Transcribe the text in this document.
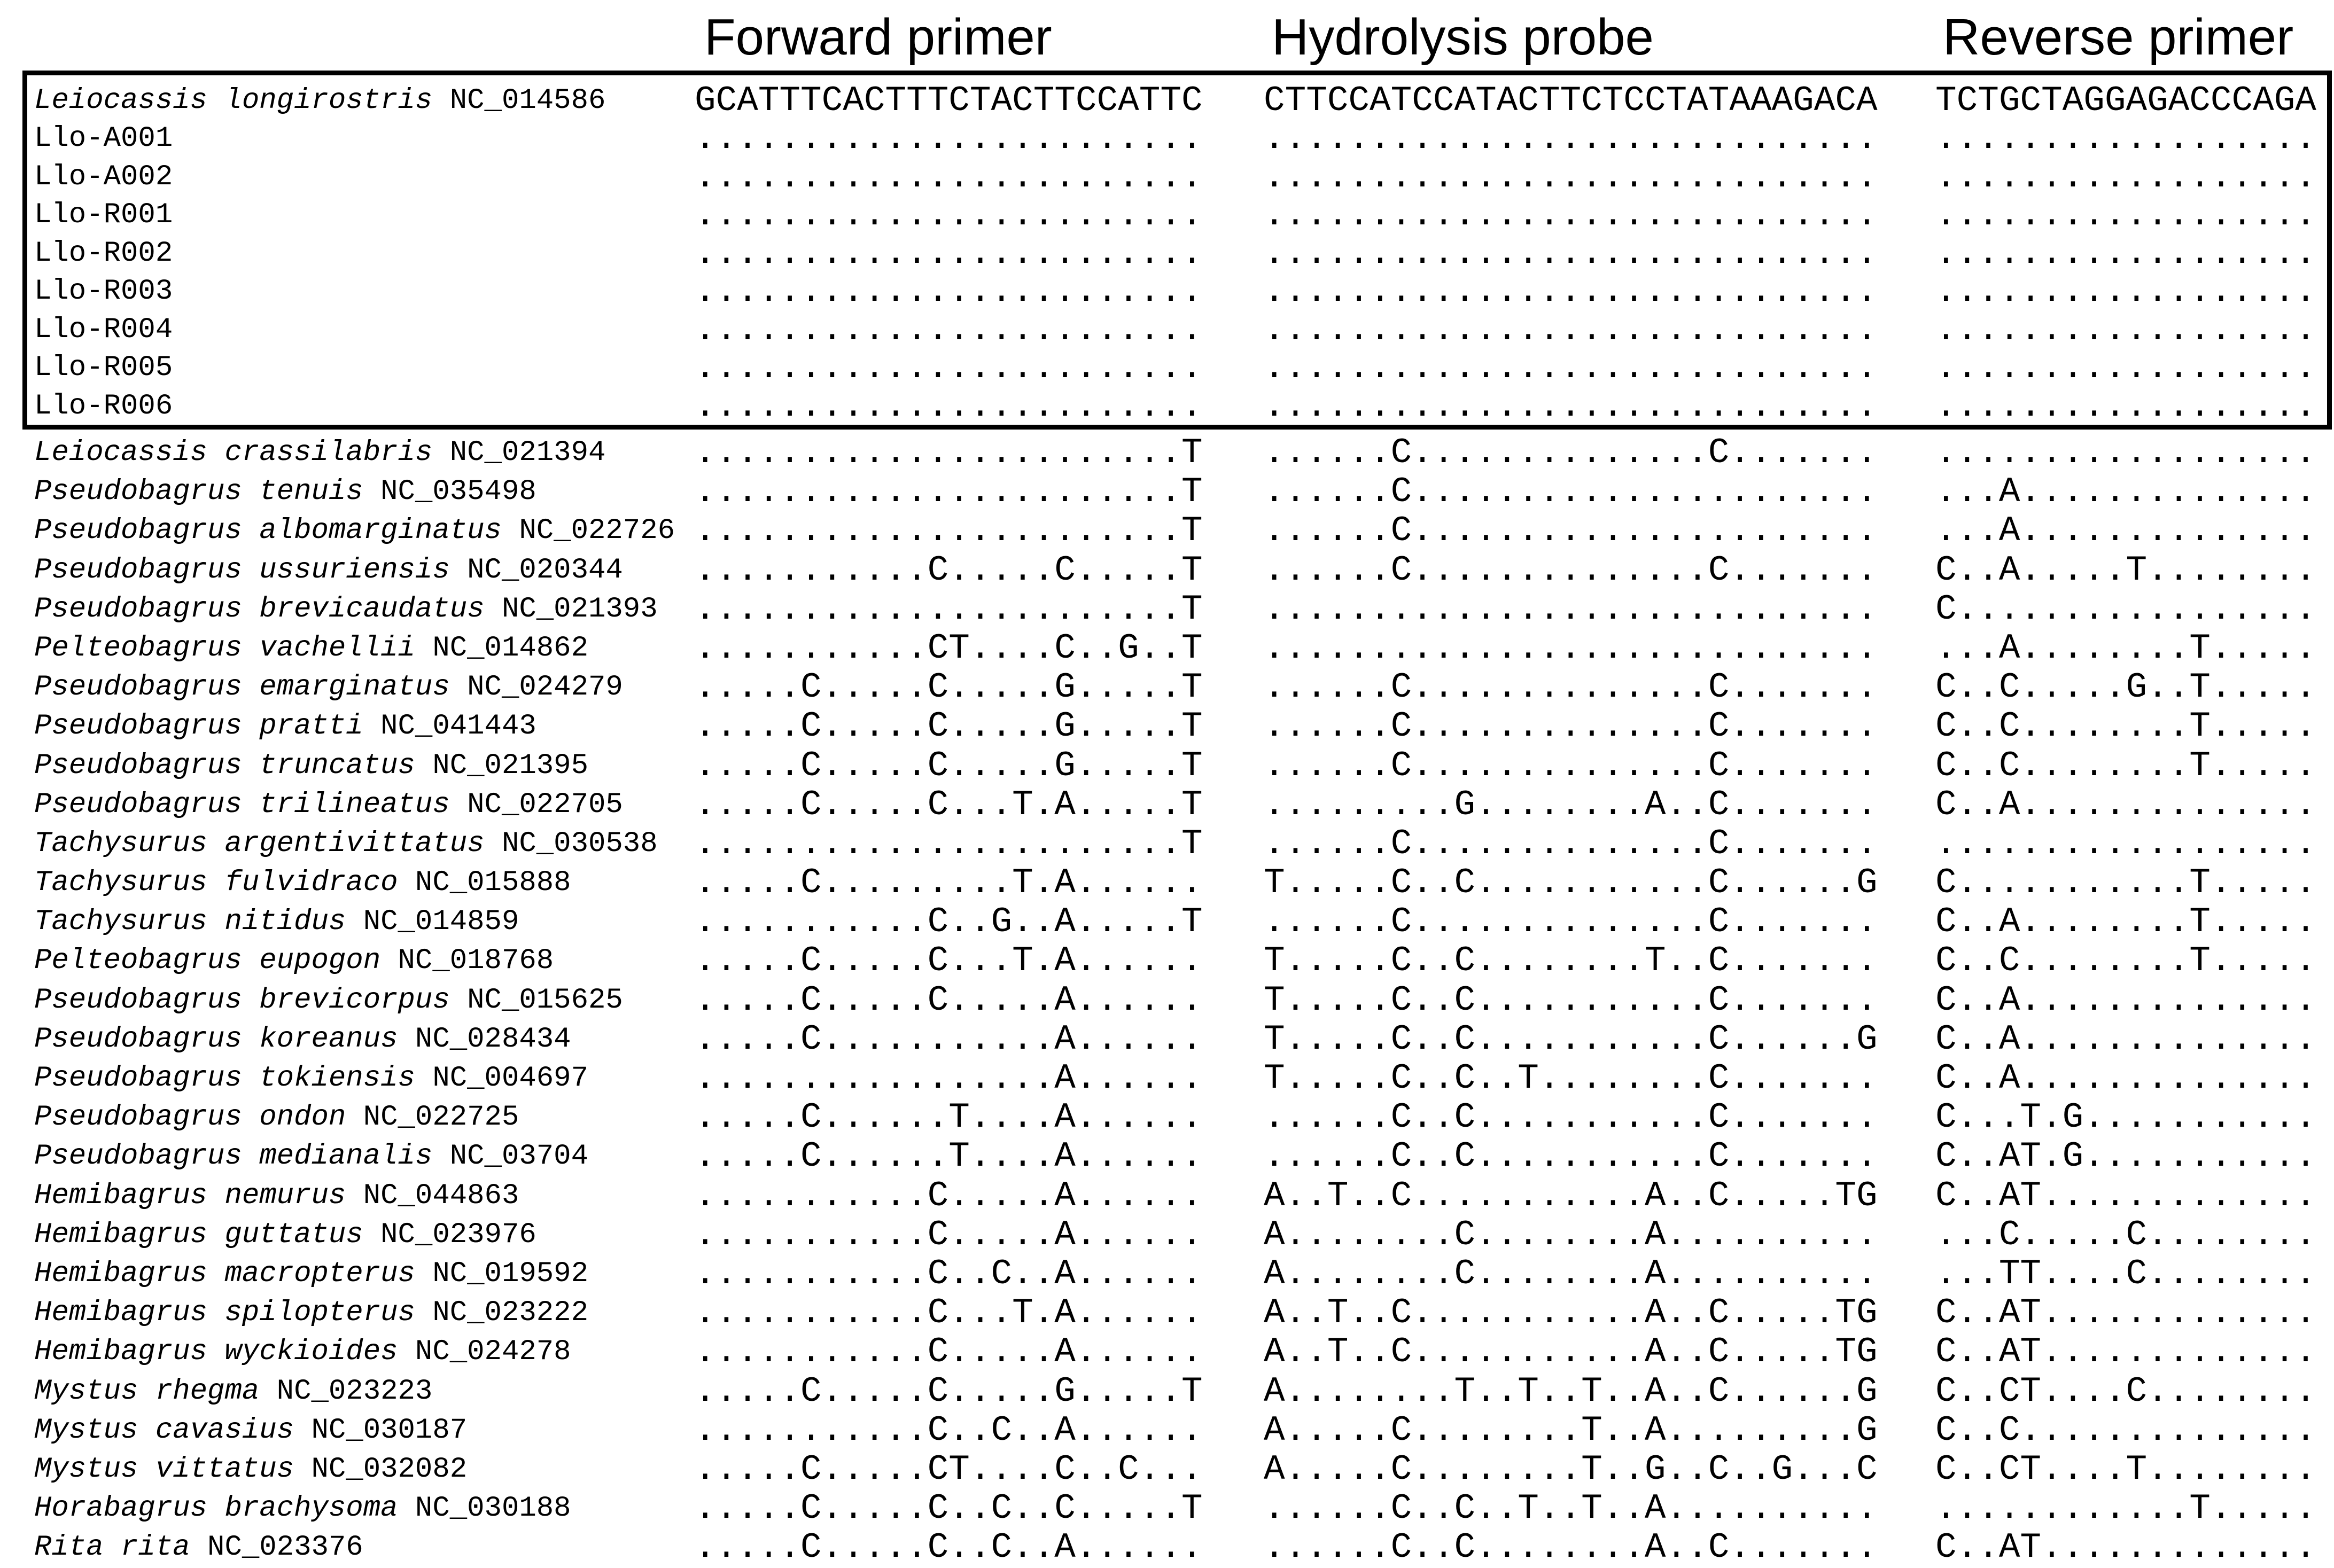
Forward primer	Hydrolysis probe	Reverse primer
Leiocassis longirostris NC_014586	GCATTTCACTTTCTACTTCCATTC CTTCCATCCATACTTCTCCTATAAAGACA TCTGCTAGGAGACCCAGA
Llo-A001	........................ ............................. ..................
Llo-A002	........................ ............................. ..................
Llo-R001	........................ ............................. ..................
Llo-R002	........................ ............................. ..................
Llo-R003	........................ ............................. ..................
Llo-R004	........................ ............................. ..................
Llo-R005	........................ ............................. ..................
Llo-R006	........................ ............................. ..................
Leiocassis crassilabris NC_021394	.......................T ......C..............C....... ..................
Pseudobagrus tenuis NC_035498	.......................T ......C...................... ...A..............
Pseudobagrus albomarginatus NC_022726 .......................T ......C...................... ...A..............
Pseudobagrus ussuriensis NC_020344 ...........C.....C.....T ......C..............C....... C..A.....T........
Pseudobagrus brevicaudatus NC_021393 .......................T ............................. C.................
Pelteobagrus vachellii NC_014862	...........CT....C..G..T ............................. ...A........T.....
Pseudobagrus emarginatus NC_024279 .....C.....C.....G.....T ......C..............C....... C..C.....G..T.....
Pseudobagrus pratti NC_041443	.....C.....C.....G.....T ......C..............C....... C..C........T.....
Pseudobagrus truncatus NC_021395	.....C.....C.....G.....T ......C..............C....... C..C........T.....
Pseudobagrus trilineatus NC_022705 .....C.....C...T.A.....T .........G........A..C....... C..A..............
Tachysurus argentivittatus NC_030538 .......................T ......C..............C....... ..................
Tachysurus fulvidraco NC_015888	.....C.........T.A...... T.....C..C...........C......G C...........T.....
Tachysurus nitidus NC_014859	...........C..G..A.....T ......C..............C....... C..A........T.....
Pelteobagrus eupogon NC_018768	.....C.....C...T.A...... T.....C..C........T..C....... C..C........T.....
Pseudobagrus brevicorpus NC_015625 .....C.....C.....A...... T.....C..C...........C....... C..A..............
Pseudobagrus koreanus NC_028434	.....C...........A...... T.....C..C...........C......G C..A..............
Pseudobagrus tokiensis NC_004697	.................A...... T.....C..C..T........C....... C..A..............
Pseudobagrus ondon NC_022725	.....C......T....A...... ......C..C...........C....... C...T.G...........
Pseudobagrus medianalis NC_03704	.....C......T....A...... ......C..C...........C....... C..AT.G...........
Hemibagrus nemurus NC_044863	...........C.....A...... A..T..C...........A..C.....TG C..AT.............
Hemibagrus guttatus NC_023976	...........C.....A...... A........C........A.......... ...C.....C........
Hemibagrus macropterus NC_019592	...........C..C..A...... A........C........A.......... ...TT....C........
Hemibagrus spilopterus NC_023222	...........C...T.A...... A..T..C...........A..C.....TG C..AT.............
Hemibagrus wyckioides NC_024278	...........C.....A...... A..T..C...........A..C.....TG C..AT.............
Mystus rhegma NC_023223	.....C.....C.....G.....T A........T..T..T..A..C......G C..CT....C........
Mystus cavasius NC_030187	...........C..C..A...... A.....C........T..A.........G C..C..............
Mystus vittatus NC_032082	.....C.....CT....C..C... A.....C........T..G..C..G...C C..CT....T........
Horabagrus brachysoma NC_030188	.....C.....C..C..C.....T ......C..C..T..T..A.......... ............T.....
Rita rita NC_023376	.....C.....C..C..A...... ......C..C........A..C....... C..AT.............
